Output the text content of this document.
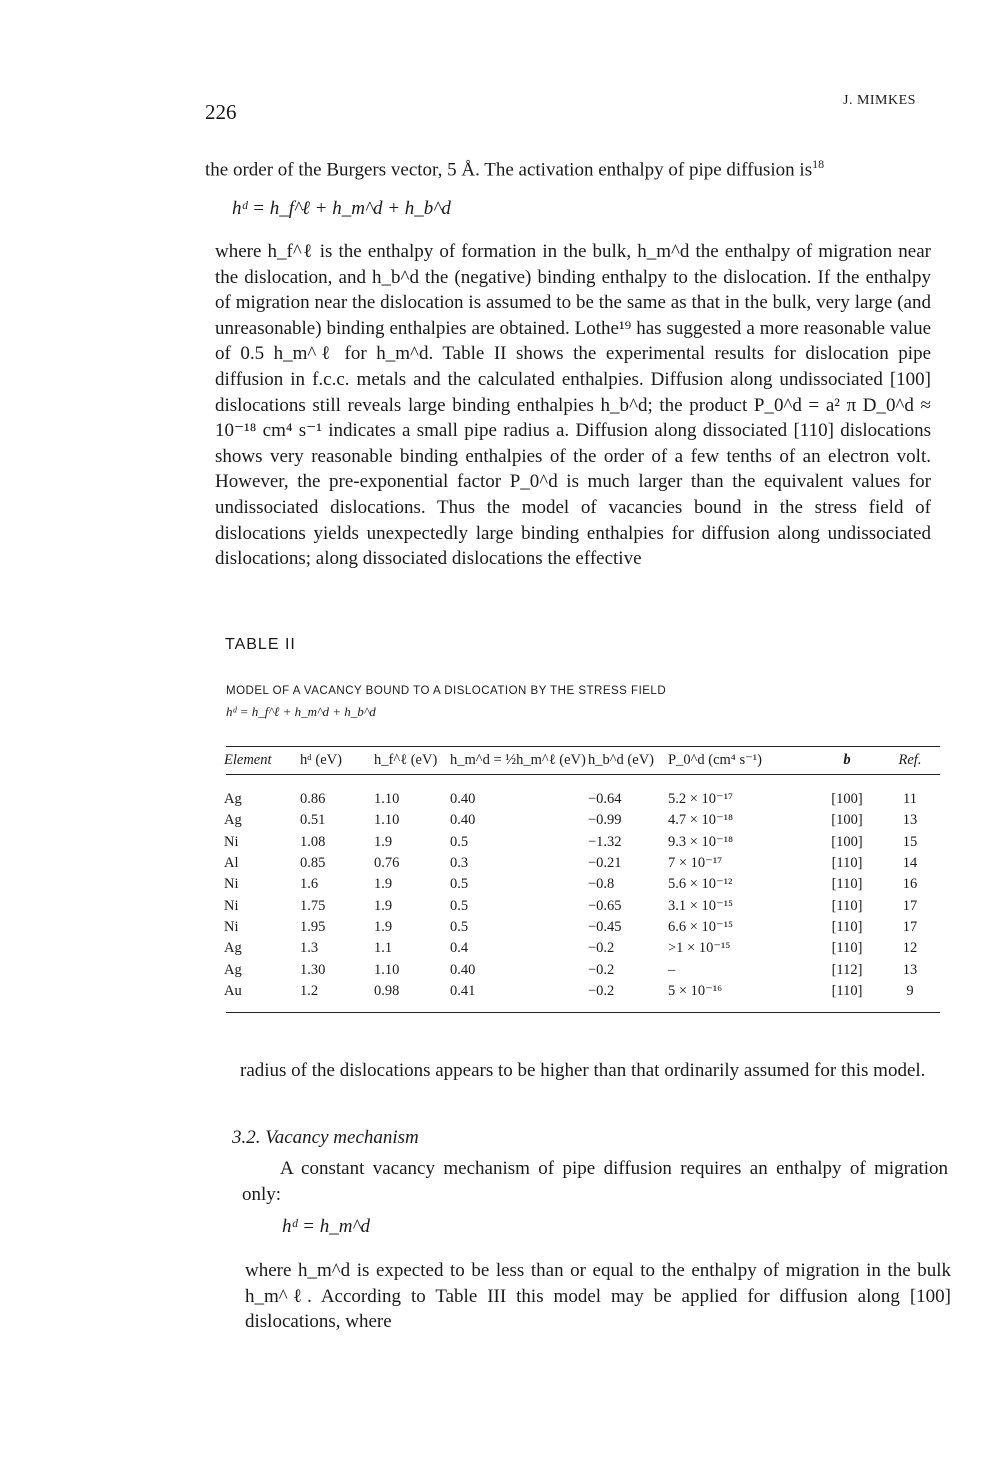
226	J. MIMKES
the order of the Burgers vector, 5 Å. The activation enthalpy of pipe diffusion $is^{18}$
hᵈ = h_f^ℓ + h_m^d + h_b^d

where h_f^ℓ is the enthalpy of formation in the bulk, h_m^d the enthalpy of migration near the dislocation, and h_b^d the (negative) binding enthalpy to the dislocation. If the enthalpy of migration near the dislocation is assumed to be the same as that in the bulk, very large (and unreasonable) binding enthalpies are obtained. Lothe¹⁹ has suggested a more reasonable value of 0.5 h_m^ℓ for h_m^d. Table II shows the experimental results for dislocation pipe diffusion in f.c.c. metals and the calculated enthalpies. Diffusion along undissociated [100] dislocations still reveals large binding enthalpies h_b^d; the product P_0^d = a² π D_0^d ≈ 10⁻¹⁸ cm⁴ s⁻¹ indicates a small pipe radius a. Diffusion along dissociated [110] dislocations shows very reasonable binding enthalpies of the order of a few tenths of an electron volt. However, the pre-exponential factor P_0^d is much larger than the equivalent values for undissociated dislocations. Thus the model of vacancies bound in the stress field of dislocations yields unexpectedly large binding enthalpies for diffusion along undissociated dislocations; along dissociated dislocations the effective

TABLE II
MODEL OF A VACANCY BOUND TO A DISLOCATION BY THE STRESS FIELD
hᵈ = h_f^ℓ + h_m^d + h_b^d
Element	hᵈ (eV)	h_f^ℓ (eV)	h_m^d = ½h_m^ℓ (eV)	h_b^d (eV)	P_0^d (cm⁴ s⁻¹)	b	Ref.
Ag	0.86	1.10	0.40	−0.64	5.2 × 10⁻¹⁷	[100]	11
Ag	0.51	1.10	0.40	−0.99	4.7 × 10⁻¹⁸	[100]	13
Ni	1.08	1.9	0.5	−1.32	9.3 × 10⁻¹⁸	[100]	15
Al	0.85	0.76	0.3	−0.21	7 × 10⁻¹⁷	[110]	14
Ni	1.6	1.9	0.5	−0.8	5.6 × 10⁻¹²	[110]	16
Ni	1.75	1.9	0.5	−0.65	3.1 × 10⁻¹⁵	[110]	17
Ni	1.95	1.9	0.5	−0.45	6.6 × 10⁻¹⁵	[110]	17
Ag	1.3	1.1	0.4	−0.2	>1 × 10⁻¹⁵	[110]	12
Ag	1.30	1.10	0.40	−0.2	–	[112]	13
Au	1.2	0.98	0.41	−0.2	5 × 10⁻¹⁶	[110]	9

radius of the dislocations appears to be higher than that ordinarily assumed for this model.

3.2. Vacancy mechanism

A constant vacancy mechanism of pipe diffusion requires an enthalpy of migration only:

hᵈ = h_m^d

where h_m^d is expected to be less than or equal to the enthalpy of migration in the bulk h_m^ℓ. According to Table III this model may be applied for diffusion along [100] dislocations, where
